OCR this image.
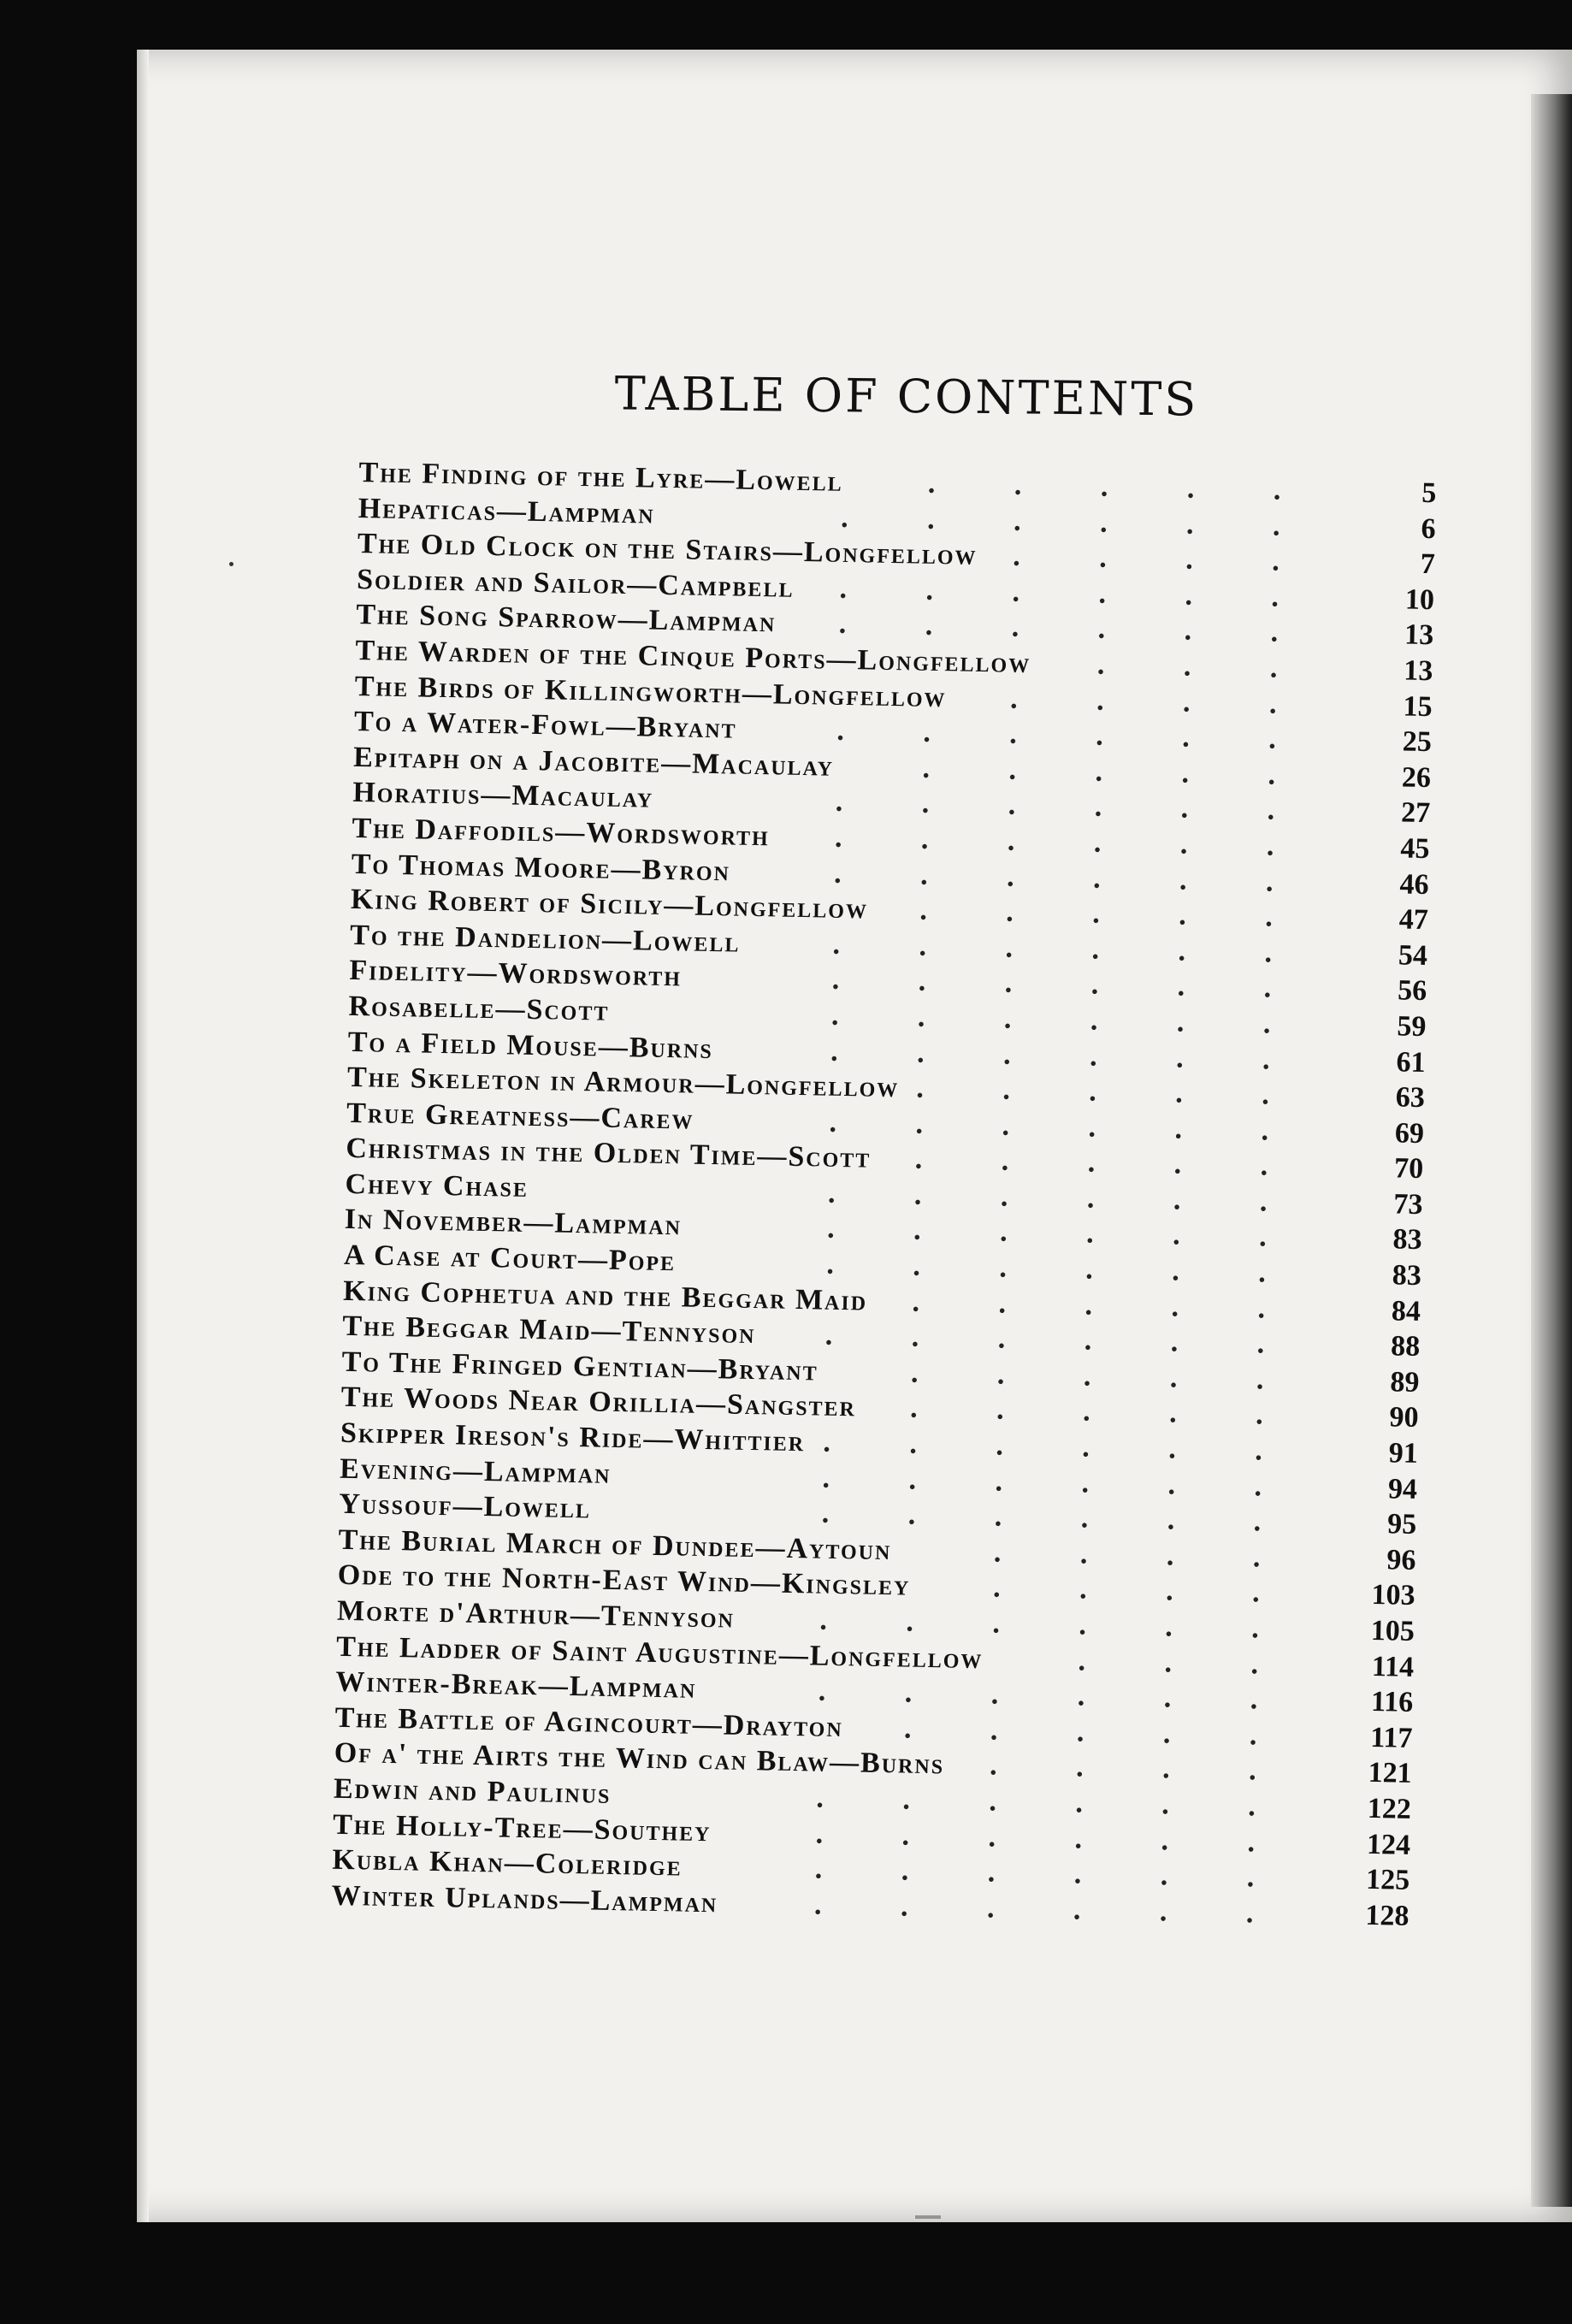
TABLE OF CONTENTS
The Finding of the Lyre—Lowell	. . . . .	5
Hepaticas—Lampman	. . . . . .	6
The Old Clock on the Stairs—Longfellow . . . .	7
Soldier and Sailor—Campbell . . . . . .	10
The Song Sparrow—Lampman . . . . . .	13
The Warden of the Cinque Ports—Longfellow . . .	13
The Birds of Killingworth—Longfellow . . . .	15
To a Water-Fowl—Bryant	. . . . . .	25
Epitaph on a Jacobite—Macaulay	. . . . .	26
Horatius—Macaulay	. . . . . .	27
The Daffodils—Wordsworth . . . . . .	45
To Thomas Moore—Byron	. . . . . .	46
King Robert of Sicily—Longfellow . . . . .	47
To the Dandelion—Lowell	. . . . . .	54
Fidelity—Wordsworth	. . . . . .	56
Rosabelle—Scott	. . . . . .	59
To a Field Mouse—Burns	. . . . . .	61
The Skeleton in Armour—Longfellow . . . . .	63
True Greatness—Carew	. . . . . .	69
Christmas in the Olden Time—Scott . . . . .	70
Chevy Chase	. . . . . .	73
In November—Lampman	. . . . . .	83
A Case at Court—Pope	. . . . . .	83
King Cophetua and the Beggar Maid . . . . .	84
The Beggar Maid—Tennyson . . . . . .	88
To The Fringed Gentian—Bryant	. . . . .	89
The Woods Near Orillia—Sangster . . . . .	90
Skipper Ireson's Ride—Whittier . . . . . .	91
Evening—Lampman	. . . . . .	94
Yussouf—Lowell	. . . . . .	95
The Burial March of Dundee—Aytoun	. . . .	96
Ode to the North-East Wind—Kingsley	. . . .	103
Morte d'Arthur—Tennyson	. . . . . .	105
The Ladder of Saint Augustine—Longfellow	. . .	114
Winter-Break—Lampman	. . . . . .	116
The Battle of Agincourt—Drayton . . . . .	117
Of a' the Airts the Wind can Blaw—Burns . . . .	121
Edwin and Paulinus	. . . . . .	122
The Holly-Tree—Southey	. . . . . .	124
Kubla Khan—Coleridge	. . . . . .	125
Winter Uplands—Lampman	. . . . . .	128
